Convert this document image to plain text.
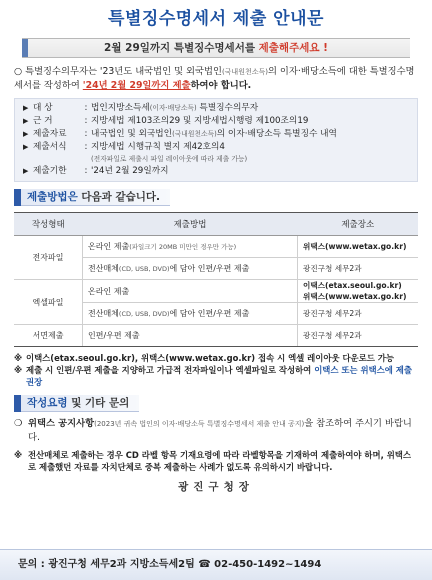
특별징수명세서 제출 안내문
2월 29일까지 특별징수명세서를 제출해주세요 !
○ 특별징수의무자는 '23년도 내국법인 및 외국법인(국내원천소득)의 이자·배당소득에 대한 특별징수명세서를 작성하여 '24년 2월 29일까지 제출하여야 합니다.
▶ 대 상	: 법인지방소득세(이자·배당소득) 특별징수의무자
▶ 근 거	: 지방세법 제103조의29 및 지방세법시행령 제100조의19
▶ 제출자료	: 내국법인 및 외국법인(국내원천소득)의 이자·배당소득 특별징수 내역
▶ 제출서식	: 지방세법 시행규칙 별지 제42호의4
(전자파일로 제출시 파일 레이아웃에 따라 제출 가능)
▶ 제출기한	: '24년 2월 29일까지
제출방법은 다음과 같습니다.
작성형태	제출방법	제출장소
전자파일	온라인 제출(파일크기 20MB 미만인 경우만 가능)	위택스(www.wetax.go.kr)
	전산매체(CD, USB, DVD)에 담아 인편/우편 제출	광진구청 세무2과
엑셀파일	온라인 제출	이택스(etax.seoul.go.kr)
위택스(www.wetax.go.kr)

	전산매체(CD, USB, DVD)에 담아 인편/우편 제출	광진구청 세무2과
서면제출	인편/우편 제출	광진구청 세무2과
※ 이택스(etax.seoul.go.kr), 위택스(www.wetax.go.kr) 접속 시 엑셀 레이아웃 다운로드 가능
※ 제출 시 인편/우편 제출을 지양하고 가급적 전자파일이나 엑셀파일로 작성하여 이택스 또는 위택스에 제출 권장
작성요령 및 기타 문의
❍ 위택스 공지사항(2023년 귀속 법인의 이자·배당소득 특별징수명세서 제출 안내 공지)을 참조하여 주시기 바랍니다.
※ 전산매체로 제출하는 경우 CD 라벨 항목 기재요령에 따라 라벨항목을 기재하여 제출하여야 하며, 위택스로 제출했던 자료를 자치단체로 중복 제출하는 사례가 없도록 유의하시기 바랍니다.
광진구청장
문의 : 광진구청 세무2과 지방소득세2팀 ☎ 02-450-1492~1494
